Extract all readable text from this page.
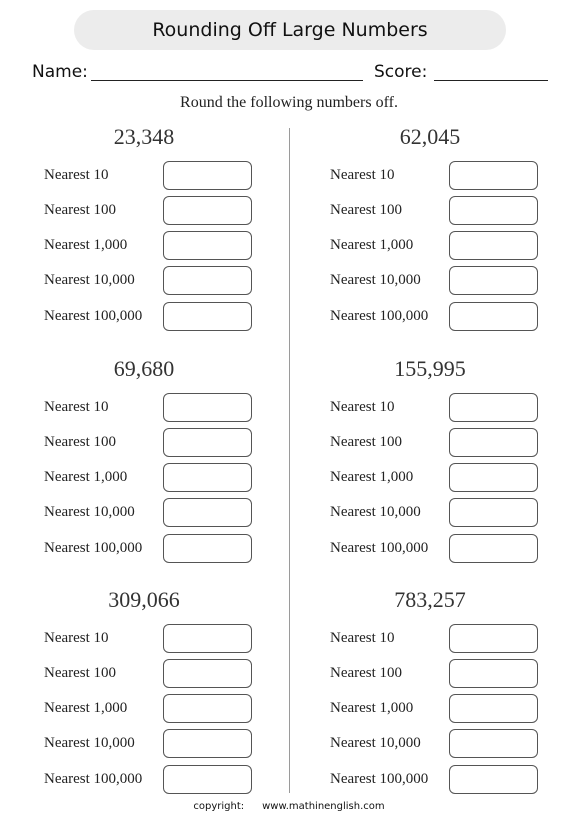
Rounding Off Large Numbers
Name:	Score:
Round the following numbers off.
23,348
Nearest 10
Nearest 100
Nearest 1,000
Nearest 10,000
Nearest 100,000
62,045
Nearest 10
Nearest 100
Nearest 1,000
Nearest 10,000
Nearest 100,000
69,680
Nearest 10
Nearest 100
Nearest 1,000
Nearest 10,000
Nearest 100,000
155,995
Nearest 10
Nearest 100
Nearest 1,000
Nearest 10,000
Nearest 100,000
309,066
Nearest 10
Nearest 100
Nearest 1,000
Nearest 10,000
Nearest 100,000
783,257
Nearest 10
Nearest 100
Nearest 1,000
Nearest 10,000
Nearest 100,000
copyright: www.mathinenglish.com
